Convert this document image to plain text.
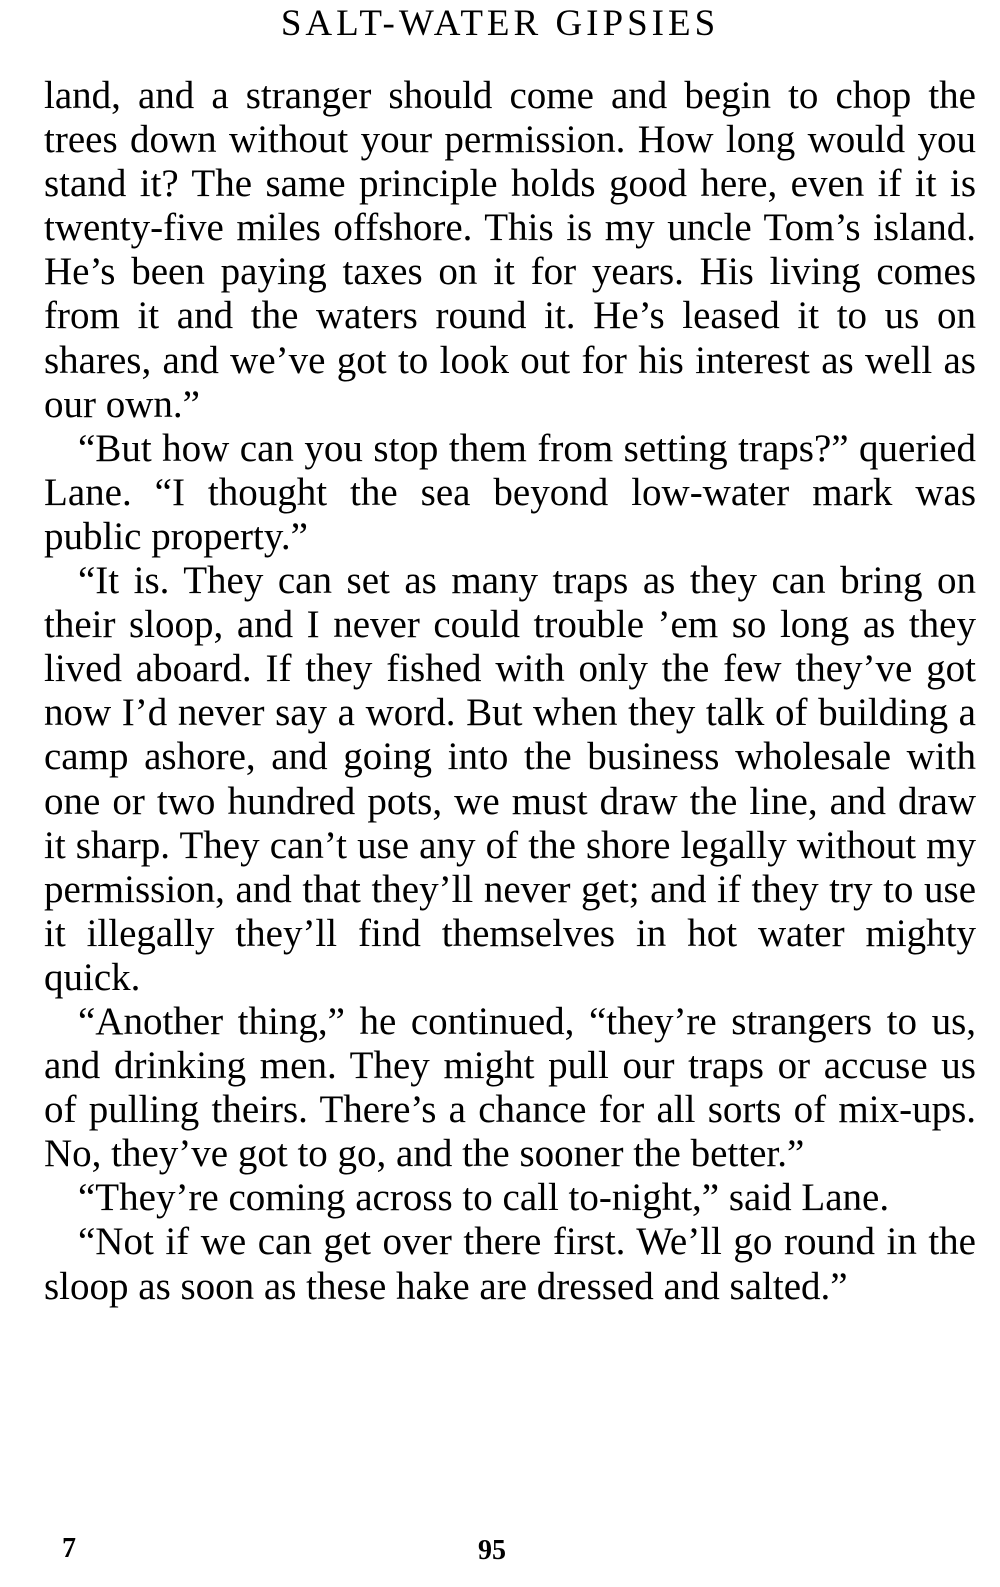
SALT-WATER GIPSIES

land, and a stranger should come and begin to chop the trees down without your permission. How long would you stand it? The same principle holds good here, even if it is twenty-five miles offshore. This is my uncle Tom’s island. He’s been paying taxes on it for years. His living comes from it and the waters round it. He’s leased it to us on shares, and we’ve got to look out for his interest as well as our own.”

“But how can you stop them from setting traps?” queried Lane. “I thought the sea beyond low-water mark was public property.”

“It is. They can set as many traps as they can bring on their sloop, and I never could trouble ’em so long as they lived aboard. If they fished with only the few they’ve got now I’d never say a word. But when they talk of building a camp ashore, and going into the business wholesale with one or two hundred pots, we must draw the line, and draw it sharp. They can’t use any of the shore legally without my permission, and that they’ll never get; and if they try to use it illegally they’ll find themselves in hot water mighty quick.

“Another thing,” he continued, “they’re strangers to us, and drinking men. They might pull our traps or accuse us of pulling theirs. There’s a chance for all sorts of mix-ups. No, they’ve got to go, and the sooner the better.”

“They’re coming across to call to-night,” said Lane.

“Not if we can get over there first. We’ll go round in the sloop as soon as these hake are dressed and salted.”

7	95
